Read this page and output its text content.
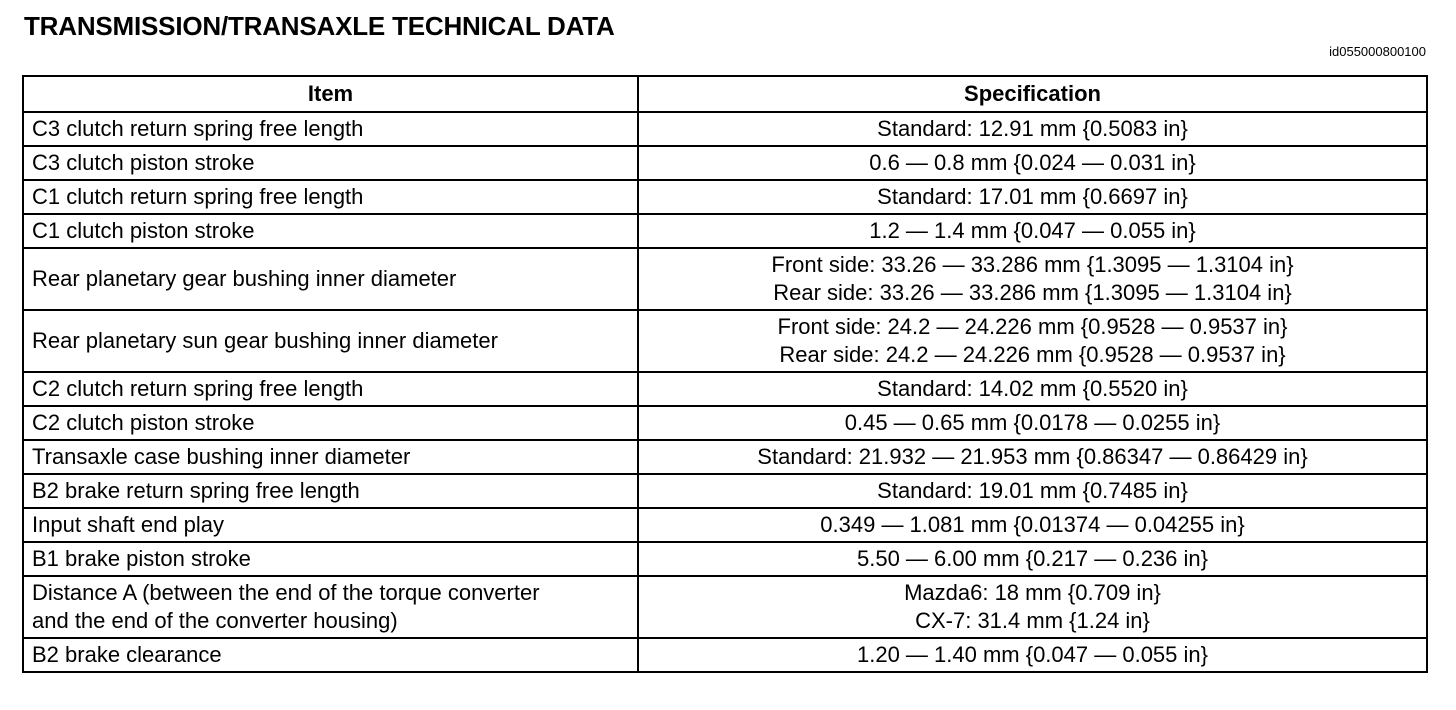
TRANSMISSION/TRANSAXLE TECHNICAL DATA
id055000800100
Item	Specification

C3 clutch return spring free length	Standard: 12.91 mm {0.5083 in}

C3 clutch piston stroke	0.6 — 0.8 mm {0.024 — 0.031 in}

C1 clutch return spring free length	Standard: 17.01 mm {0.6697 in}

C1 clutch piston stroke	1.2 — 1.4 mm {0.047 — 0.055 in}

Rear planetary gear bushing inner diameter	Front side: 33.26 — 33.286 mm {1.3095 — 1.3104 in}
Rear side: 33.26 — 33.286 mm {1.3095 — 1.3104 in}

Rear planetary sun gear bushing inner diameter	Front side: 24.2 — 24.226 mm {0.9528 — 0.9537 in}
Rear side: 24.2 — 24.226 mm {0.9528 — 0.9537 in}

C2 clutch return spring free length	Standard: 14.02 mm {0.5520 in}

C2 clutch piston stroke	0.45 — 0.65 mm {0.0178 — 0.0255 in}

Transaxle case bushing inner diameter	Standard: 21.932 — 21.953 mm {0.86347 — 0.86429 in}

B2 brake return spring free length	Standard: 19.01 mm {0.7485 in}

Input shaft end play	0.349 — 1.081 mm {0.01374 — 0.04255 in}

B1 brake piston stroke	5.50 — 6.00 mm {0.217 — 0.236 in}

Distance A (between the end of the torque converter
and the end of the converter housing)	Mazda6: 18 mm {0.709 in}
CX-7: 31.4 mm {1.24 in}

B2 brake clearance	1.20 — 1.40 mm {0.047 — 0.055 in}
